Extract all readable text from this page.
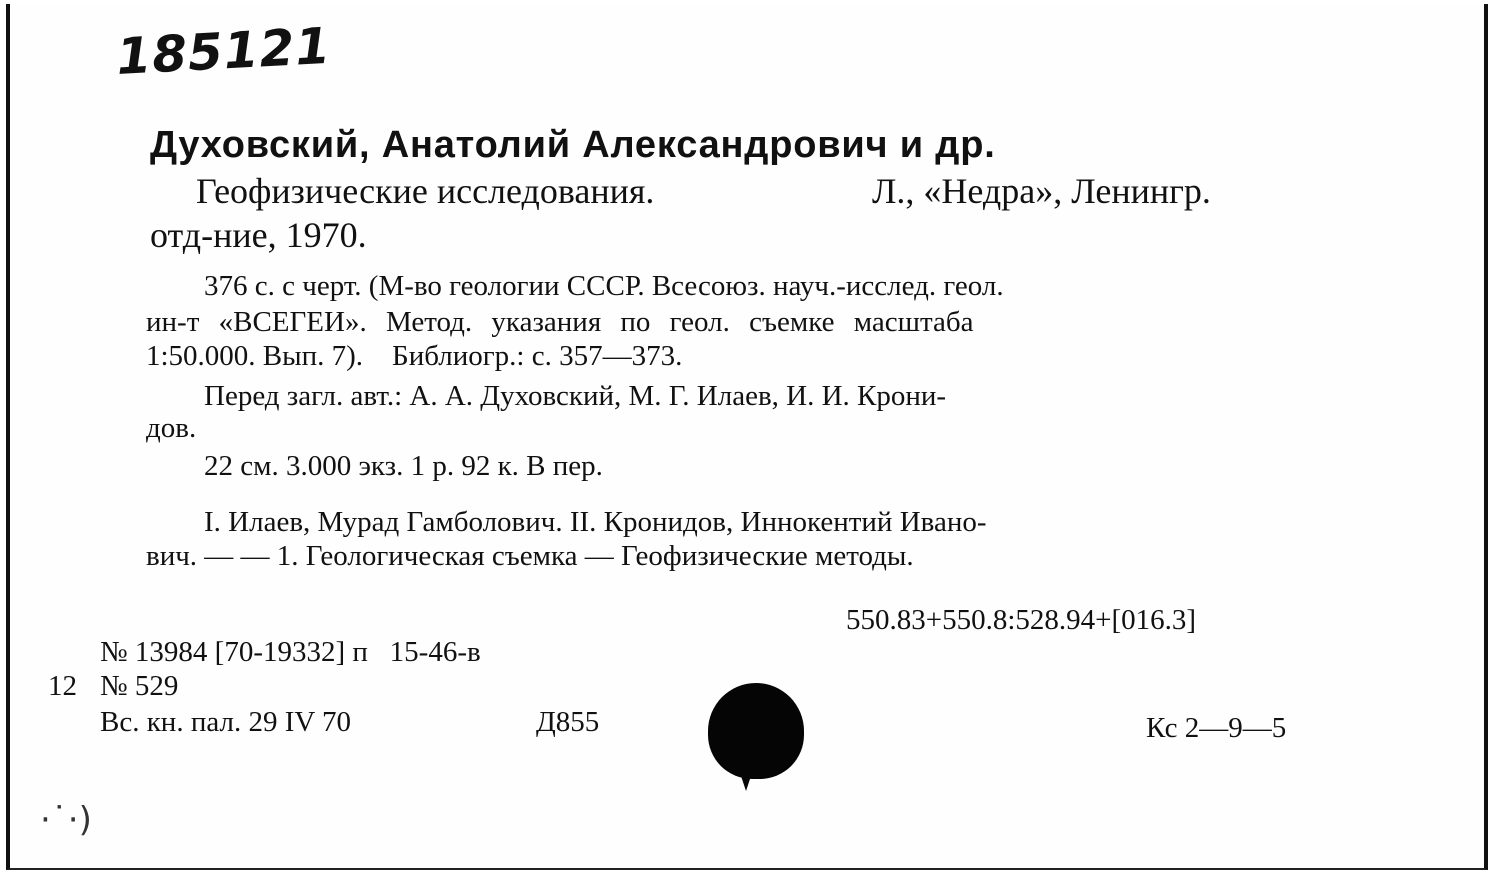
185121
Духовский, Анатолий Александрович и др.
Геофизические исследования.	Л., «Недра», Ленингр.
отд-ние, 1970.
376 с. с черт. (М-во геологии СССР. Всесоюз. науч.-исслед. геол.
ин-т «ВСЕГЕИ». Метод. указания по геол. съемке масштаба
1:50.000. Вып. 7).    Библиогр.: с. 357—373.
Перед загл. авт.: А. А. Духовский, М. Г. Илаев, И. И. Крони-
дов.
22 см. 3.000 экз. 1 р. 92 к. В пер.
I. Илаев, Мурад Гамболович. II. Кронидов, Иннокентий Ивано-
вич. — — 1. Геологическая съемка — Геофизические методы.
550.83+550.8:528.94+[016.3]
№ 13984 [70-19332] п   15-46-в
12 № 529
Вс. кн. пал. 29 IV 70	Д855	Кс 2—9—5
·˙·)
